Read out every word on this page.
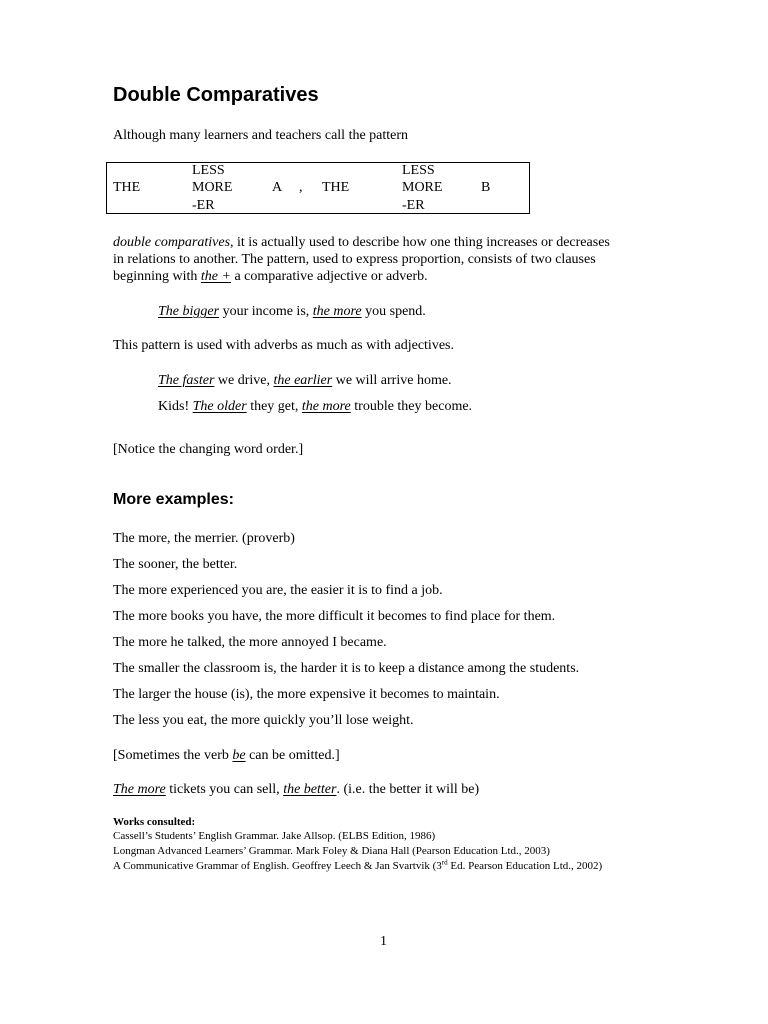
Double Comparatives
Although many learners and teachers call the pattern
THE
LESS
MORE
-ER
A , THE
LESS
MORE
-ER
B
double comparatives, it is actually used to describe how one thing increases or decreases
in relations to another. The pattern, used to express proportion, consists of two clauses
beginning with the + a comparative adjective or adverb.
The bigger your income is, the more you spend.
This pattern is used with adverbs as much as with adjectives.
The faster we drive, the earlier we will arrive home.
Kids! The older they get, the more trouble they become.
[Notice the changing word order.]
More examples:
The more, the merrier. (proverb)
The sooner, the better.
The more experienced you are, the easier it is to find a job.
The more books you have, the more difficult it becomes to find place for them.
The more he talked, the more annoyed I became.
The smaller the classroom is, the harder it is to keep a distance among the students.
The larger the house (is), the more expensive it becomes to maintain.
The less you eat, the more quickly you’ll lose weight.
[Sometimes the verb be can be omitted.]
The more tickets you can sell, the better. (i.e. the better it will be)
Works consulted:
Cassell’s Students’ English Grammar. Jake Allsop. (ELBS Edition, 1986)
Longman Advanced Learners’ Grammar. Mark Foley & Diana Hall (Pearson Education Ltd., 2003)
A Communicative Grammar of English. Geoffrey Leech & Jan Svartvik (3rd Ed. Pearson Education Ltd., 2002)
1
